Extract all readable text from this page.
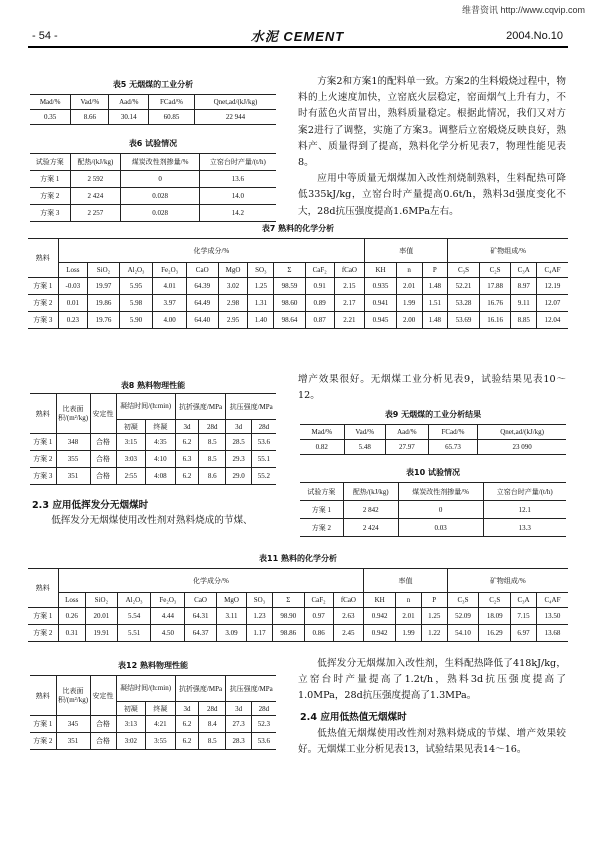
维普资讯 http://www.cqvip.com
- 54 -	水泥 CEMENT	2004.No.10
表5 无烟煤的工业分析
Mad/%	Vad/%	Aad/%	FCad/%	Qnet,ad/(kJ/kg)
0.35	8.66	30.14	60.85	22 944
表6 试验情况
试验方案	配热/(kJ/kg)	煤炭改性剂掺量/%	立窑台时产量/(t/h)
方案 1	2 592	0	13.6
方案 2	2 424	0.028	14.0
方案 3	2 257	0.028	14.2

方案2和方案1的配料单一致。方案2的生料煅烧过程中，物料的上火速度加快，立窑底火层稳定，窑面烟气上升有力，不时有蓝色火苗冒出，熟料质量稳定。根据此情况，我们又对方案2进行了调整，实施了方案3。调整后立窑煅烧反映良好，熟料产、质量得到了提高，熟料化学分析见表7，物理性能见表8。

应用中等质量无烟煤加入改性剂烧制熟料，生料配热可降低335kJ/kg，立窑台时产量提高0.6t/h，熟料3d强度变化不大，28d抗压强度提高1.6MPa左右。

表7 熟料的化学分析
熟料	化学成分/%										率值			矿物组成/%			
	Loss	SiO₂	Al₂O₃	Fe₂O₃	CaO	MgO	SO₃	Σ	CaF₂	fCaO	KH	n	P	C₃S	C₂S	C₃A	C₄AF
方案 1	-0.03	19.97	5.95	4.01	64.39	3.02	1.25	98.59	0.91	2.15	0.935	2.01	1.48	52.21	17.88	8.97	12.19
方案 2	0.01	19.86	5.98	3.97	64.49	2.98	1.31	98.60	0.89	2.17	0.941	1.99	1.51	53.28	16.76	9.11	12.07
方案 3	0.23	19.76	5.90	4.00	64.40	2.95	1.40	98.64	0.87	2.21	0.945	2.00	1.48	53.69	16.16	8.85	12.04
表8 熟料物理性能
熟料	比表面积/(m²/kg)	安定性	凝结时间/(h:min)		抗折强度/MPa		抗压强度/MPa	
			初凝	终凝	3d	28d	3d	28d
方案 1	348	合格	3:15	4:35	6.2	8.5	28.5	53.6
方案 2	355	合格	3:03	4:10	6.3	8.5	29.3	55.1
方案 3	351	合格	2:55	4:08	6.2	8.6	29.0	55.2
2.3 应用低挥发分无烟煤时

低挥发分无烟煤使用改性剂对熟料烧成的节煤、

增产效果很好。无烟煤工业分析见表9，试验结果见表10～12。

表9 无烟煤的工业分析结果
Mad/%	Vad/%	Aad/%	FCad/%	Qnet,ad/(kJ/kg)
0.82	5.48	27.97	65.73	23 090
表10 试验情况
试验方案	配热/(kJ/kg)	煤炭改性剂掺量/%	立窑台时产量/(t/h)
方案 1	2 842	0	12.1
方案 2	2 424	0.03	13.3
表11 熟料的化学分析
熟料	化学成分/%										率值			矿物组成/%			
	Loss	SiO₂	Al₂O₃	Fe₂O₃	CaO	MgO	SO₃	Σ	CaF₂	fCaO	KH	n	P	C₃S	C₂S	C₃A	C₄AF
方案 1	0.26	20.01	5.54	4.44	64.31	3.11	1.23	98.90	0.97	2.63	0.942	2.01	1.25	52.09	18.09	7.15	13.50
方案 2	0.31	19.91	5.51	4.50	64.37	3.09	1.17	98.86	0.86	2.45	0.942	1.99	1.22	54.10	16.29	6.97	13.68
表12 熟料物理性能
熟料	比表面积/(m²/kg)	安定性	凝结时间/(h:min)		抗折强度/MPa		抗压强度/MPa	
			初凝	终凝	3d	28d	3d	28d
方案 1	345	合格	3:13	4:21	6.2	8.4	27.3	52.3
方案 2	351	合格	3:02	3:55	6.2	8.5	28.3	53.6

低挥发分无烟煤加入改性剂，生料配热降低了418kJ/kg，立窑台时产量提高了1.2t/h，熟料3d抗压强度提高了1.0MPa，28d抗压强度提高了1.3MPa。

2.4 应用低热值无烟煤时

低热值无烟煤使用改性剂对熟料烧成的节煤、增产效果较好。无烟煤工业分析见表13，试验结果见表14～16。
